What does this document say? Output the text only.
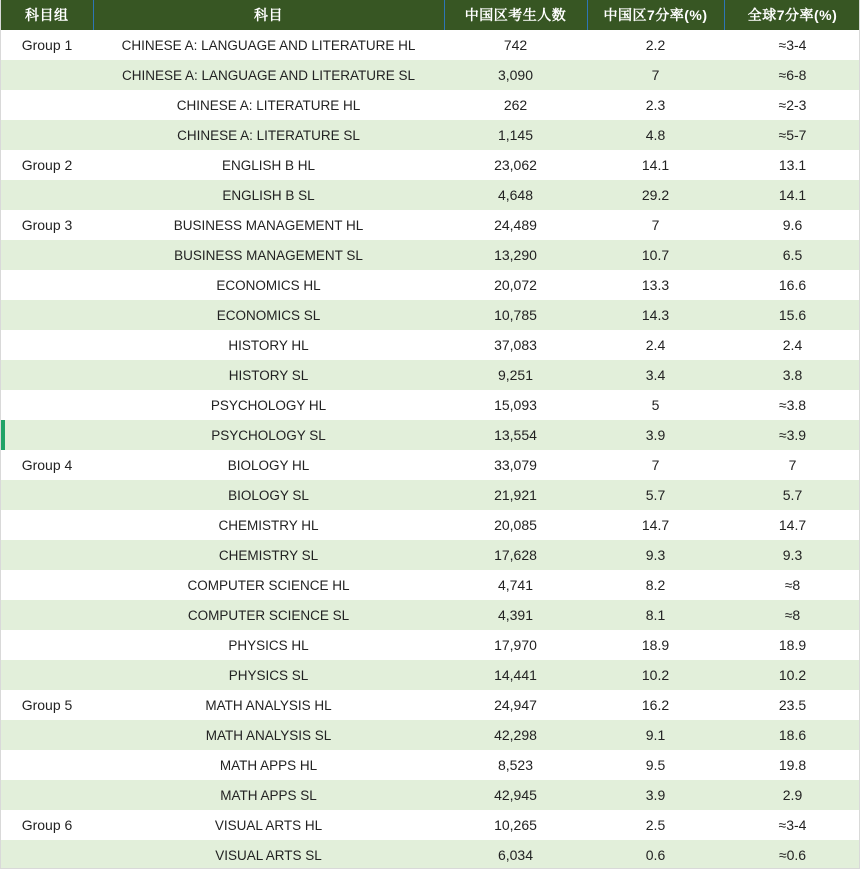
科目组	科目	中国区考生人数	中国区7分率(%)	全球7分率(%)
Group 1	CHINESE A: LANGUAGE AND LITERATURE HL	742	2.2	≈3-4
	CHINESE A: LANGUAGE AND LITERATURE SL	3,090	7	≈6-8
	CHINESE A: LITERATURE HL	262	2.3	≈2-3
	CHINESE A: LITERATURE SL	1,145	4.8	≈5-7
Group 2	ENGLISH B HL	23,062	14.1	13.1
	ENGLISH B SL	4,648	29.2	14.1
Group 3	BUSINESS MANAGEMENT HL	24,489	7	9.6
	BUSINESS MANAGEMENT SL	13,290	10.7	6.5
	ECONOMICS HL	20,072	13.3	16.6
	ECONOMICS SL	10,785	14.3	15.6
	HISTORY HL	37,083	2.4	2.4
	HISTORY SL	9,251	3.4	3.8
	PSYCHOLOGY HL	15,093	5	≈3.8

	PSYCHOLOGY SL	13,554	3.9	≈3.9
Group 4	BIOLOGY HL	33,079	7	7
	BIOLOGY SL	21,921	5.7	5.7
	CHEMISTRY HL	20,085	14.7	14.7
	CHEMISTRY SL	17,628	9.3	9.3
	COMPUTER SCIENCE HL	4,741	8.2	≈8
	COMPUTER SCIENCE SL	4,391	8.1	≈8
	PHYSICS HL	17,970	18.9	18.9
	PHYSICS SL	14,441	10.2	10.2
Group 5	MATH ANALYSIS HL	24,947	16.2	23.5
	MATH ANALYSIS SL	42,298	9.1	18.6
	MATH APPS HL	8,523	9.5	19.8
	MATH APPS SL	42,945	3.9	2.9
Group 6	VISUAL ARTS HL	10,265	2.5	≈3-4
	VISUAL ARTS SL	6,034	0.6	≈0.6
